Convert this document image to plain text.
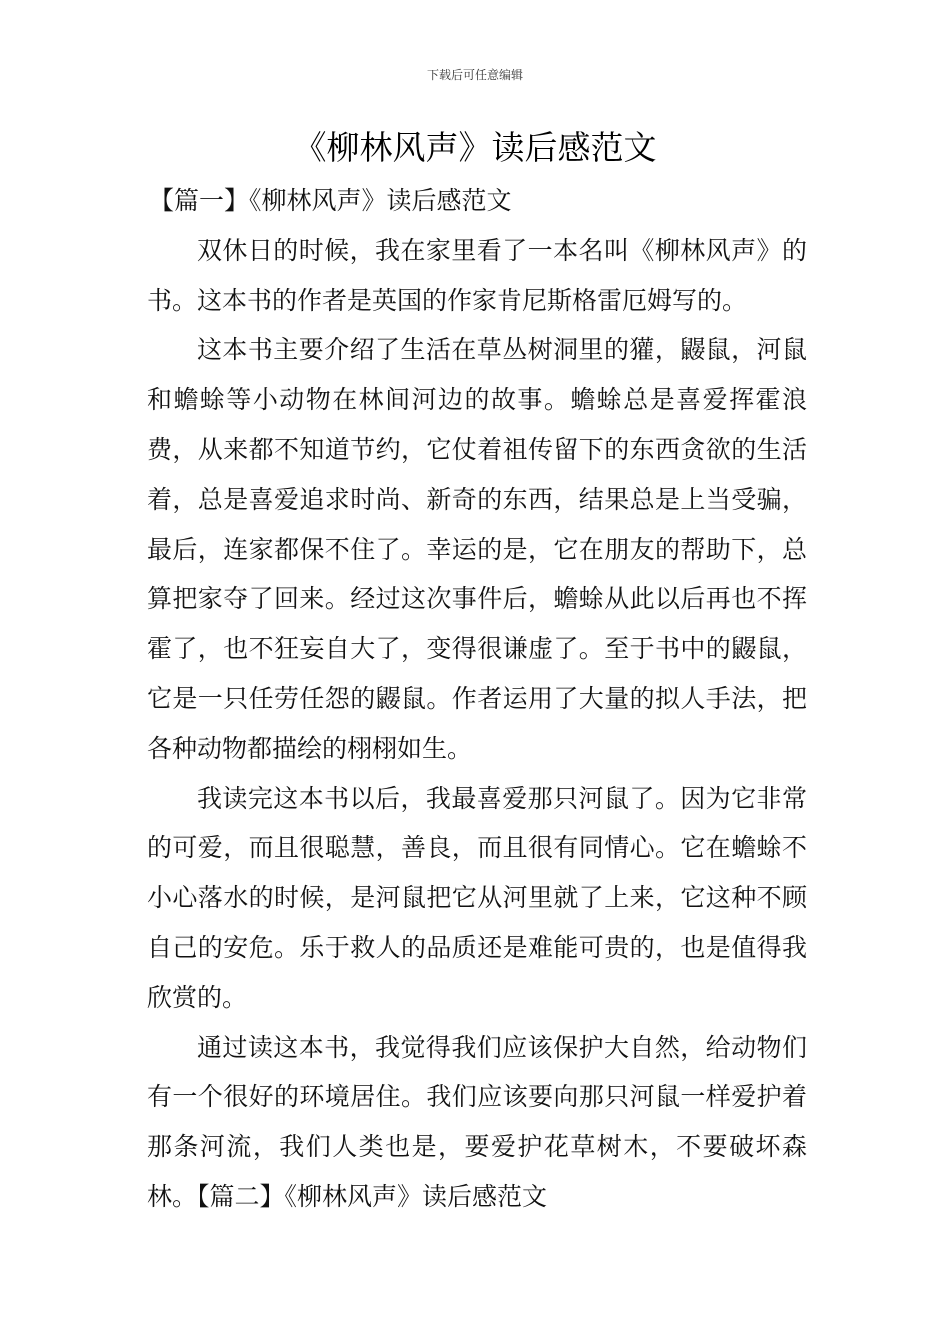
下载后可任意编辑
《柳林风声》读后感范文

【篇一】《柳林风声》读后感范文

双休日的时候，我在家里看了一本名叫《柳林风声》的书。这本书的作者是英国的作家肯尼斯格雷厄姆写的。

这本书主要介绍了生活在草丛树洞里的獾，鼹鼠，河鼠和蟾蜍等小动物在林间河边的故事。蟾蜍总是喜爱挥霍浪费，从来都不知道节约，它仗着祖传留下的东西贪欲的生活着，总是喜爱追求时尚、新奇的东西，结果总是上当受骗，最后，连家都保不住了。幸运的是，它在朋友的帮助下，总算把家夺了回来。经过这次事件后，蟾蜍从此以后再也不挥霍了，也不狂妄自大了，变得很谦虚了。至于书中的鼹鼠，它是一只任劳任怨的鼹鼠。作者运用了大量的拟人手法，把各种动物都描绘的栩栩如生。

我读完这本书以后，我最喜爱那只河鼠了。因为它非常的可爱，而且很聪慧，善良，而且很有同情心。它在蟾蜍不小心落水的时候，是河鼠把它从河里就了上来，它这种不顾自己的安危。乐于救人的品质还是难能可贵的，也是值得我欣赏的。

通过读这本书，我觉得我们应该保护大自然，给动物们有一个很好的环境居住。我们应该要向那只河鼠一样爱护着那条河流，我们人类也是，要爱护花草树木，不要破坏森林。【篇二】《柳林风声》读后感范文
